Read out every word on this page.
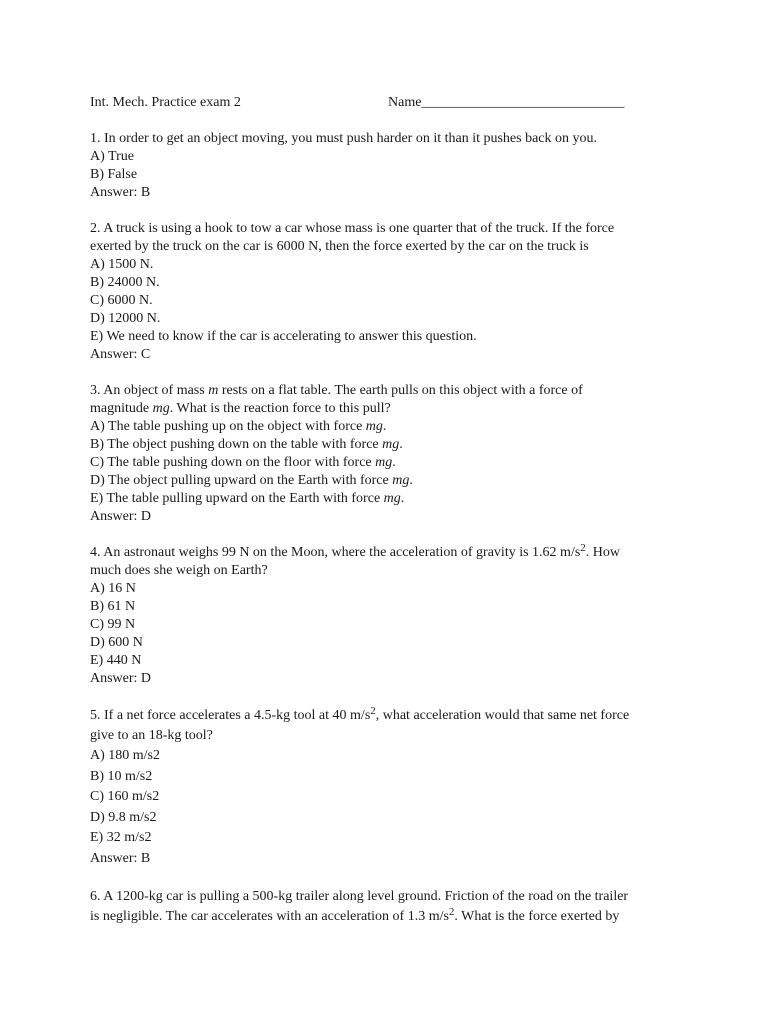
Int. Mech. Practice exam 2	Name_____________________________
1. In order to get an object moving, you must push harder on it than it pushes back on you.
A) True
B) False
Answer: B
2. A truck is using a hook to tow a car whose mass is one quarter that of the truck. If the force
exerted by the truck on the car is 6000 N, then the force exerted by the car on the truck is
A) 1500 N.
B) 24000 N.
C) 6000 N.
D) 12000 N.
E) We need to know if the car is accelerating to answer this question.
Answer: C
3. An object of mass m rests on a flat table. The earth pulls on this object with a force of
magnitude mg. What is the reaction force to this pull?
A) The table pushing up on the object with force mg.
B) The object pushing down on the table with force mg.
C) The table pushing down on the floor with force mg.
D) The object pulling upward on the Earth with force mg.
E) The table pulling upward on the Earth with force mg.
Answer: D
4. An astronaut weighs 99 N on the Moon, where the acceleration of gravity is 1.62 $m/s^2$. How
much does she weigh on Earth?
A) 16 N
B) 61 N
C) 99 N
D) 600 N
E) 440 N
Answer: D
5. If a net force accelerates a 4.5-kg tool at 40 $m/s^2$, what acceleration would that same net force
give to an 18-kg tool?
A) 180 m/s2
B) 10 m/s2
C) 160 m/s2
D) 9.8 m/s2
E) 32 m/s2
Answer: B
6. A 1200-kg car is pulling a 500-kg trailer along level ground. Friction of the road on the trailer
is negligible. The car accelerates with an acceleration of 1.3 $m/s^2$. What is the force exerted by
